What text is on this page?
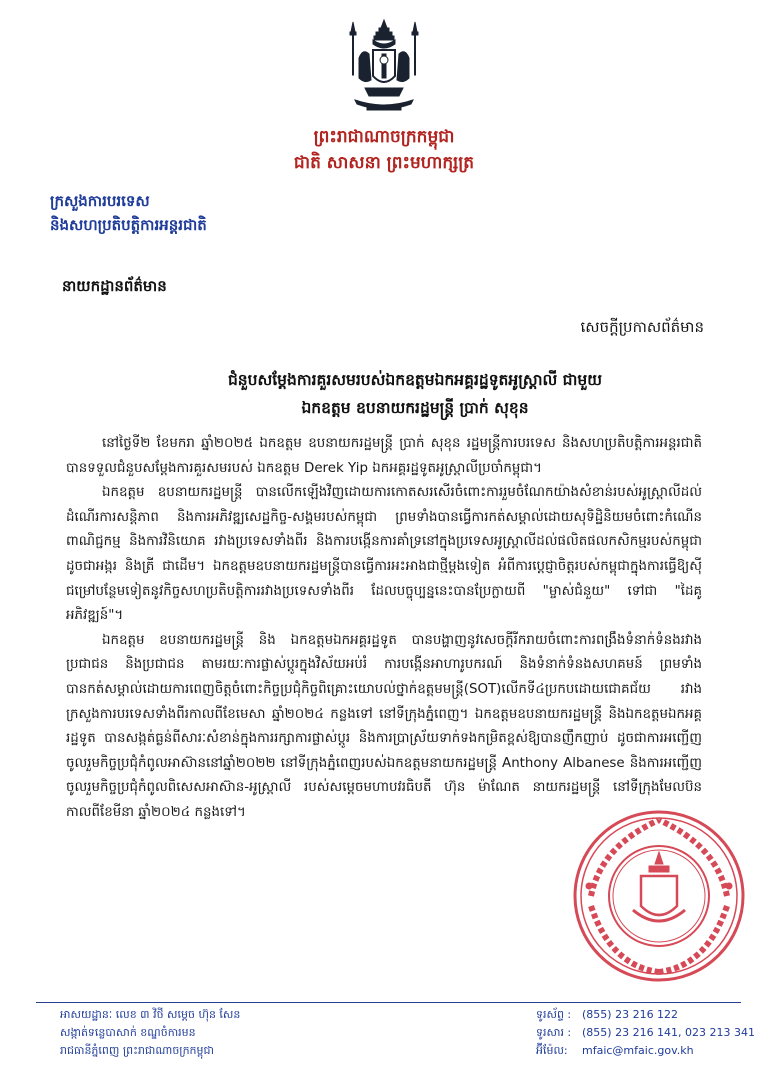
ព្រះរាជាណាចក្រកម្ពុជា
ជាតិ សាសនា ព្រះមហាក្សត្រ
ក្រសួងការបរទេស
និងសហប្រតិបត្តិការអន្តរជាតិ
នាយកដ្ឋានព័ត៌មាន
សេចក្តីប្រកាសព័ត៌មាន
ជំនួបសម្តែងការគួរសមរបស់ឯកឧត្តមឯកអគ្គរដ្ឋទូតអូស្ត្រាលី ជាមួយ
ឯកឧត្តម ឧបនាយករដ្ឋមន្ត្រី ប្រាក់ សុខុន

នៅថ្ងៃទី២ ខែមករា ឆ្នាំ២០២៥ ឯកឧត្តម ឧបនាយករដ្ឋមន្ត្រី ប្រាក់ សុខុន រដ្ឋមន្ត្រីការបរទេស និងសហប្រតិបត្តិការអន្តរជាតិ បានទទួលជំនួបសម្តែងការគួរសមរបស់ ឯកឧត្តម Derek Yip ឯកអគ្គរដ្ឋទូតអូស្ត្រាលីប្រចាំកម្ពុជា។

ឯកឧត្តម ឧបនាយករដ្ឋមន្ត្រី បានលើកឡើងវិញដោយការកោតសរសើរចំពោះការរួមចំណែកយ៉ាងសំខាន់របស់អូស្ត្រាលីដល់ដំណើរការសន្តិភាព និងការអភិវឌ្ឍសេដ្ឋកិច្ច-សង្គមរបស់កម្ពុជា ព្រមទាំងបានធ្វើការកត់សម្គាល់ដោយសុទិដ្ឋិនិយមចំពោះកំណើនពាណិជ្ជកម្ម និងការវិនិយោគ រវាងប្រទេសទាំងពីរ និងការបង្កើនការគាំទ្រនៅក្នុងប្រទេសអូស្ត្រាលីដល់ផលិតផលកសិកម្មរបស់កម្ពុជា ដូចជាអង្ករ និងត្រី ជាដើម។ ឯកឧត្តមឧបនាយករដ្ឋមន្ត្រីបានធ្វើការអះអាងជាថ្មីម្តងទៀត អំពីការប្តេជ្ញាចិត្តរបស់កម្ពុជាក្នុងការធ្វើឱ្យស៊ីជម្រៅបន្ថែមទៀតនូវកិច្ចសហប្រតិបត្តិការរវាងប្រទេសទាំងពីរ ដែលបច្ចុប្បន្ននេះបានប្រែក្លាយពី "ម្ចាស់ជំនួយ" ទៅជា "ដៃគូអភិវឌ្ឍន៍"។

ឯកឧត្តម ឧបនាយករដ្ឋមន្ត្រី និង ឯកឧត្តមឯកអគ្គរដ្ឋទូត បានបង្ហាញនូវសេចក្តីរីករាយចំពោះការពង្រឹងទំនាក់ទំនងរវាងប្រជាជន និងប្រជាជន តាមរយៈការផ្លាស់ប្តូរក្នុងវិស័យអប់រំ ការបង្កើនអាហារូបករណ៍ និងទំនាក់ទំនងសហគមន៍ ព្រមទាំងបានកត់សម្គាល់ដោយការពេញចិត្តចំពោះកិច្ចប្រជុំកិច្ចពិគ្រោះយោបល់ថ្នាក់ឧត្តមមន្ត្រី(SOT)លើកទី៤ប្រកបដោយជោគជ័យ រវាងក្រសួងការបរទេសទាំងពីរកាលពីខែមេសា ឆ្នាំ២០២៤ កន្លងទៅ នៅទីក្រុងភ្នំពេញ។ ឯកឧត្តមឧបនាយករដ្ឋមន្ត្រី និងឯកឧត្តមឯកអគ្គរដ្ឋទូត បានសង្កត់ធ្ងន់ពីសារៈសំខាន់ក្នុងការរក្សាការផ្លាស់ប្តូរ និងការប្រាស្រ័យទាក់ទងកម្រិតខ្ពស់ឱ្យបានញឹកញាប់ ដូចជាការអញ្ជើញចូលរួមកិច្ចប្រជុំកំពូលអាស៊ាននៅឆ្នាំ២០២២ នៅទីក្រុងភ្នំពេញរបស់ឯកឧត្តមនាយករដ្ឋមន្ត្រី Anthony Albanese និងការអញ្ជើញចូលរួមកិច្ចប្រជុំកំពូលពិសេសអាស៊ាន-អូស្ត្រាលី របស់សម្តេចមហាបវរធិបតី ហ៊ុន ម៉ាណែត នាយករដ្ឋមន្ត្រី នៅទីក្រុងមែលប៊ន កាលពីខែមីនា ឆ្នាំ២០២៤ កន្លងទៅ។

អាសយដ្ឋានៈ លេខ ៣ វិថី សម្តេច ហ៊ុន សែន
សង្កាត់ទន្លេបាសាក់ ខណ្ឌចំការមន
រាជធានីភ្នំពេញ ព្រះរាជាណាចក្រកម្ពុជា
ទូរស័ព្ទ : (855) 23 216 122
ទូរសារ : (855) 23 216 141, 023 213 341
អ៊ីម៉ែល: mfaic@mfaic.gov.kh
